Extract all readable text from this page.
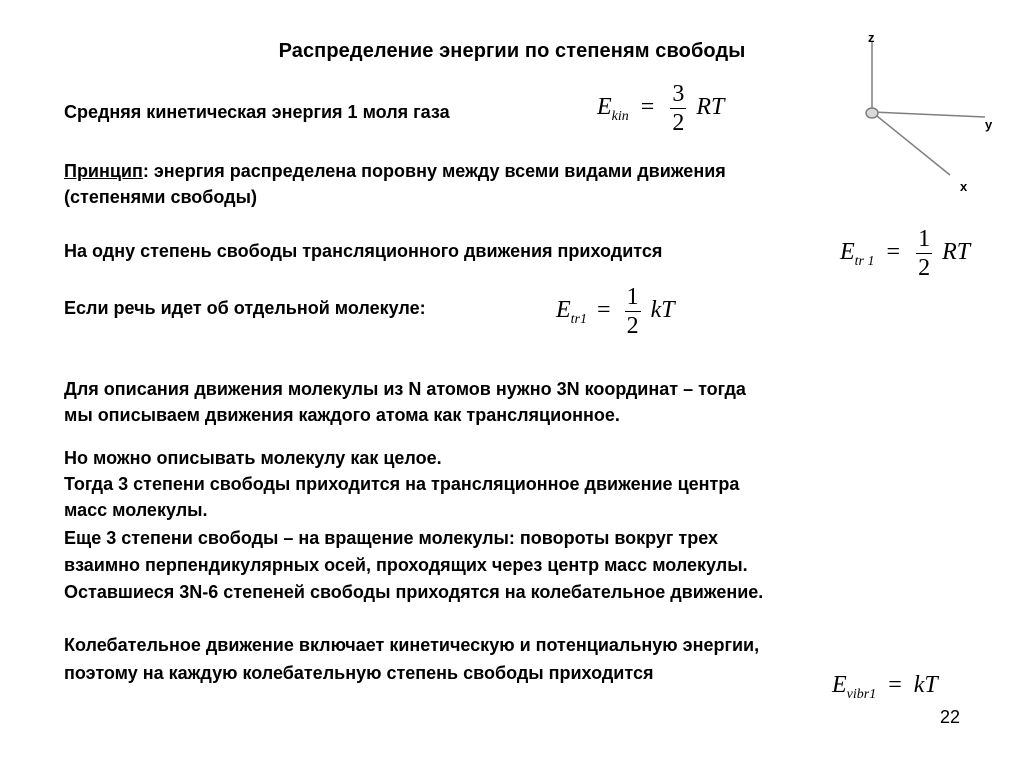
Распределение энергии по степеням свободы
z
y
x
Средняя кинетическая энергия 1 моля газа	$E_{kin} = \frac{3}{2}$ RT
Принцип: энергия распределена поровну между всеми видами движения
(степенями свободы)
На одну степень свободы трансляционного движения приходится	$E_{tr 1} = \frac{1}{2}$ RT
Если речь идет об отдельной молекуле:	$E_{tr1} = \frac{1}{2}$ kT
Для описания движения молекулы из N атомов нужно 3N координат – тогда
мы описываем движения каждого атома как трансляционное.
Но можно описывать молекулу как целое.
Тогда 3 степени свободы приходится на трансляционное движение центра
масс молекулы.
Еще 3 степени свободы – на вращение молекулы: повороты вокруг трех
взаимно перпендикулярных осей, проходящих через центр масс молекулы.
Оставшиеся 3N-6 степеней свободы приходятся на колебательное движение.
Колебательное движение включает кинетическую и потенциальную энергии,
поэтому на каждую колебательную степень свободы приходится	$E_{vibr1}$ = kT
22
